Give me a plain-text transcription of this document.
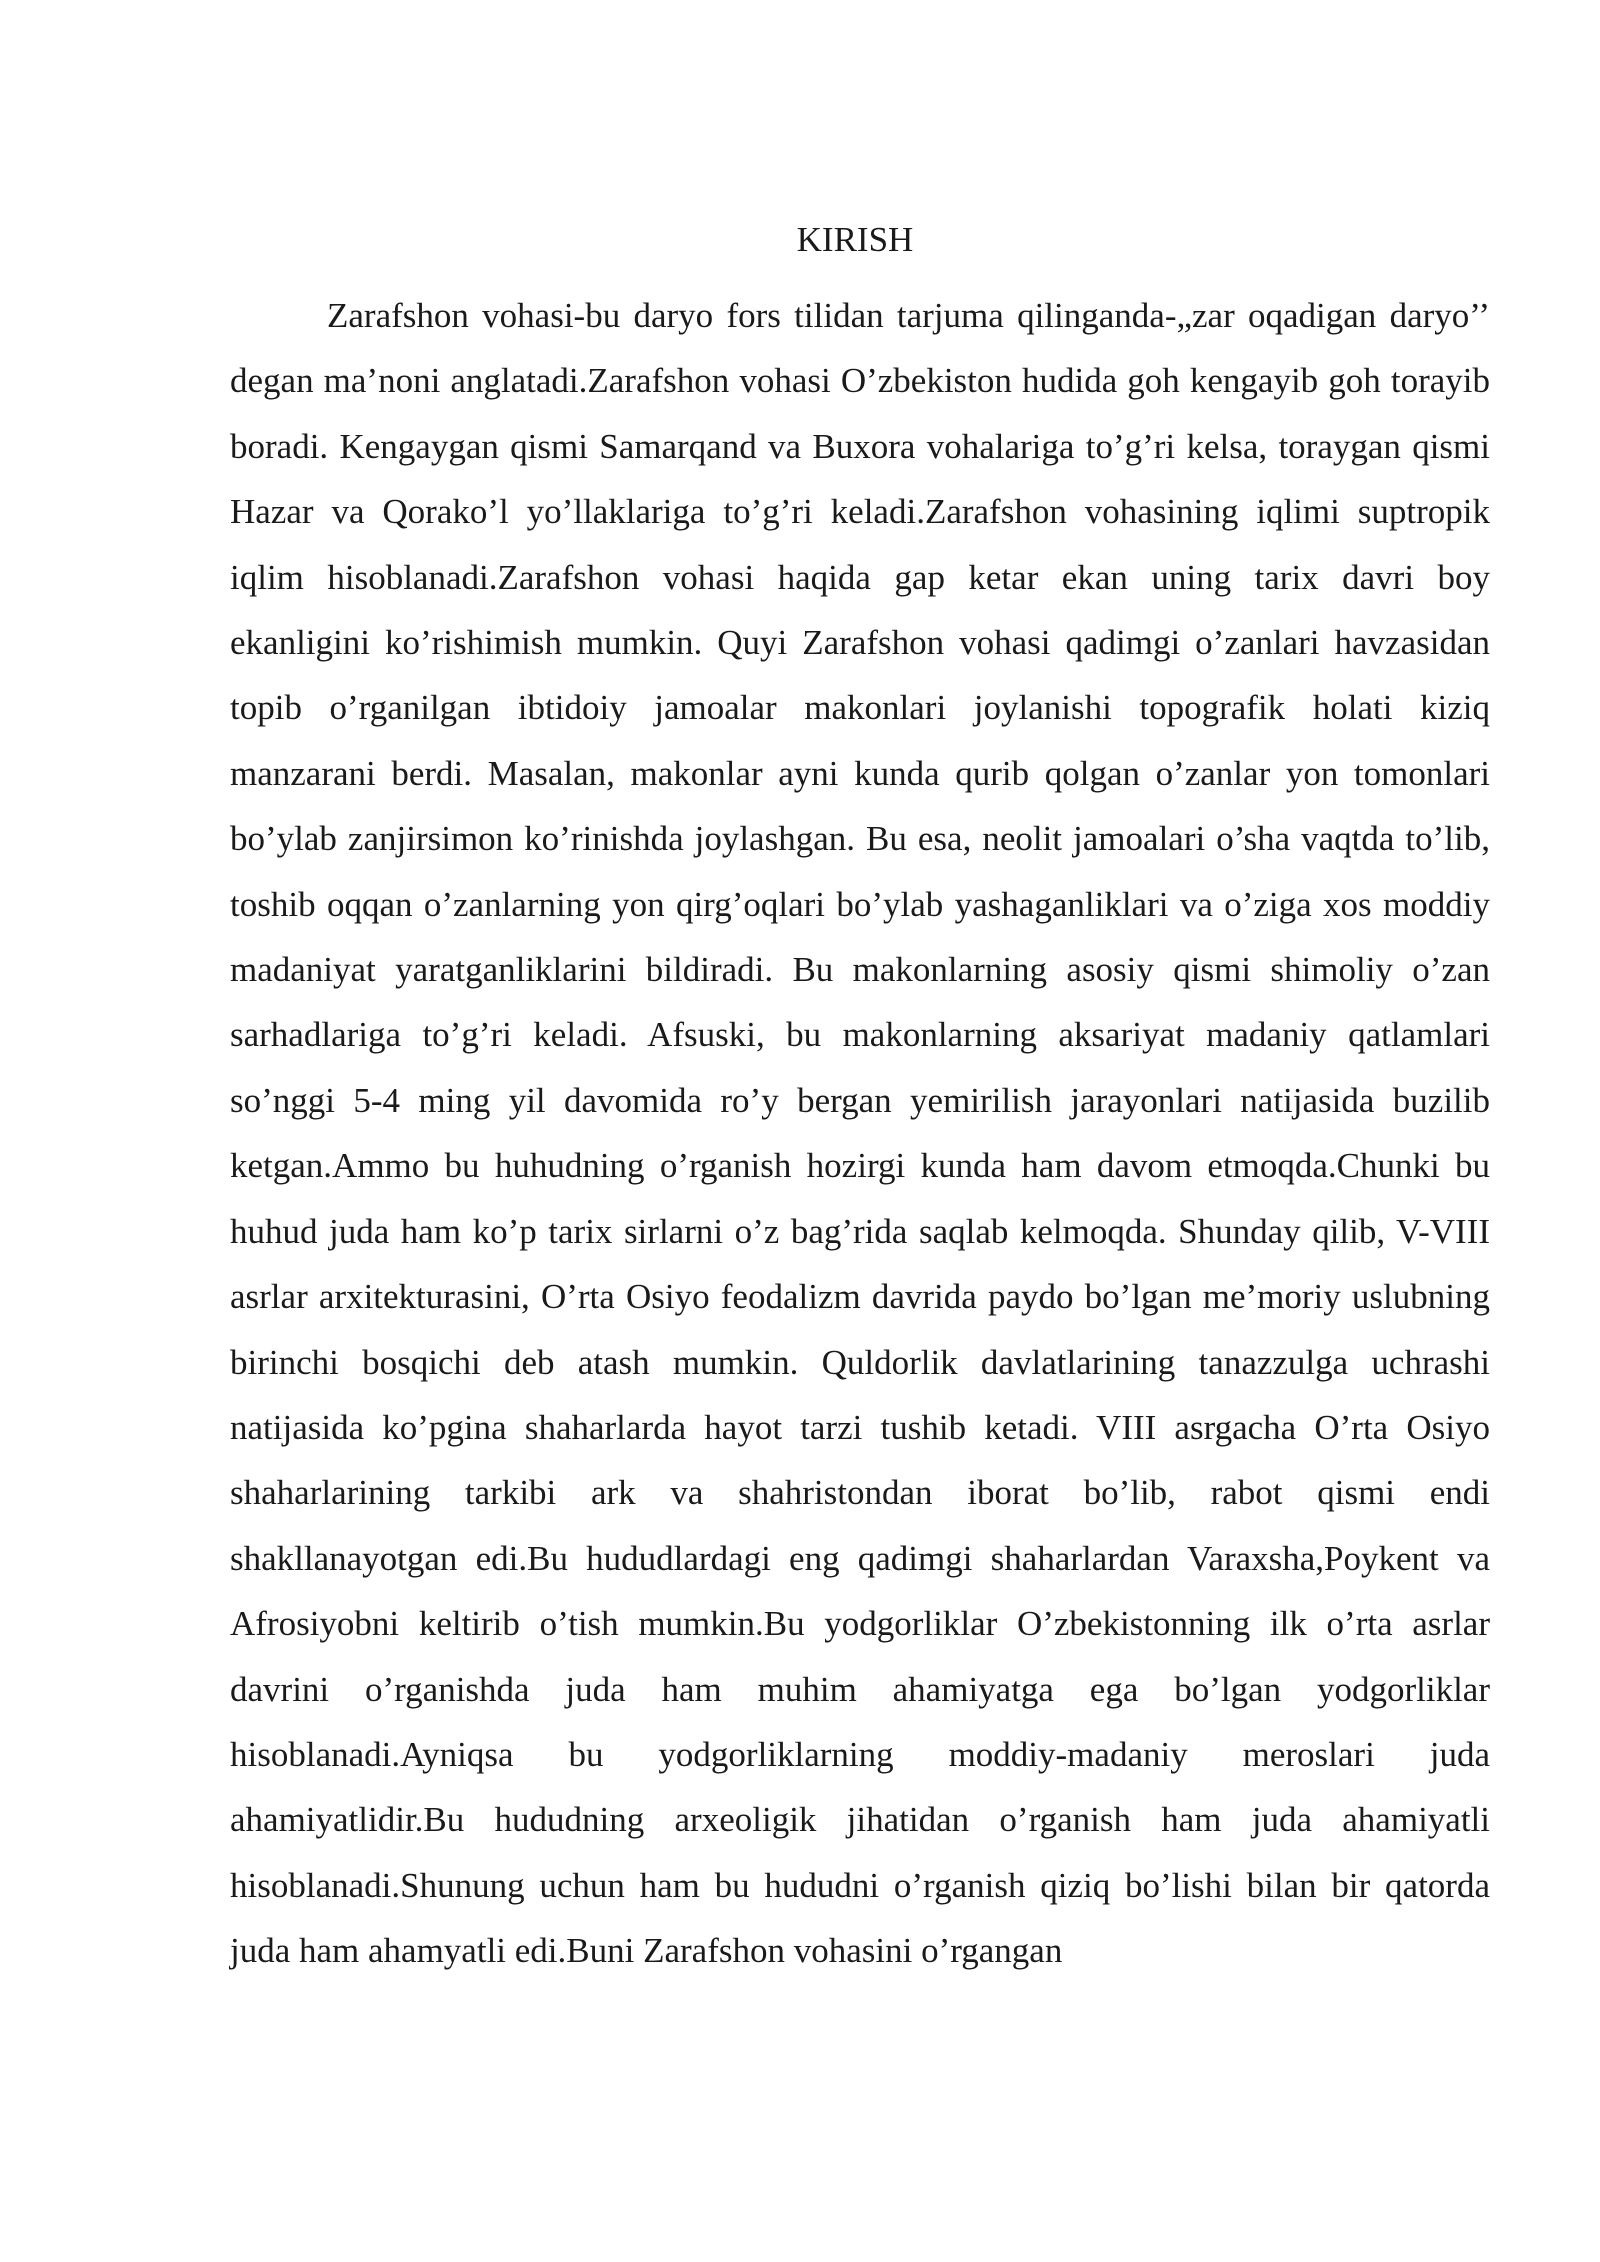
KIRISH

Zarafshon vohasi-bu daryo fors tilidan tarjuma qilinganda-„zar oqadigan daryo’’ degan ma’noni anglatadi.Zarafshon vohasi O’zbekiston hudida goh kengayib goh torayib boradi. Kengaygan qismi Samarqand va Buxora vohalariga to’g’ri kelsa, toraygan qismi Hazar va Qorako’l yo’llaklariga to’g’ri keladi.Zarafshon vohasining iqlimi suptropik iqlim hisoblanadi.Zarafshon vohasi haqida gap ketar ekan uning tarix davri boy ekanligini ko’rishimish mumkin. Quyi Zarafshon vohasi qadimgi o’zanlari havzasidan topib o’rganilgan ibtidoiy jamoalar makonlari joylanishi topografik holati kiziq manzarani berdi. Masalan, makonlar ayni kunda qurib qolgan o’zanlar yon tomonlari bo’ylab zanjirsimon ko’rinishda joylashgan. Bu esa, neolit jamoalari o’sha vaqtda to’lib, toshib oqqan o’zanlarning yon qirg’oqlari bo’ylab yashaganliklari va o’ziga xos moddiy madaniyat yaratganliklarini bildiradi. Bu makonlarning asosiy qismi shimoliy o’zan sarhadlariga to’g’ri keladi. Afsuski, bu makonlarning aksariyat madaniy qatlamlari so’nggi 5-4 ming yil davomida ro’y bergan yemirilish jarayonlari natijasida buzilib ketgan.Ammo bu huhudning o’rganish hozirgi kunda ham davom etmoqda.Chunki bu huhud juda ham ko’p tarix sirlarni o’z bag’rida saqlab kelmoqda. Shunday qilib, V-VIII asrlar arxitekturasini, O’rta Osiyo feodalizm davrida paydo bo’lgan me’moriy uslubning birinchi bosqichi deb atash mumkin. Quldorlik davlatlarining tanazzulga uchrashi natijasida ko’pgina shaharlarda hayot tarzi tushib ketadi. VIII asrgacha O’rta Osiyo shaharlarining tarkibi ark va shahristondan iborat bo’lib, rabot qismi endi shakllanayotgan edi.Bu hududlardagi eng qadimgi shaharlardan Varaxsha,Poykent va Afrosiyobni keltirib o’tish mumkin.Bu yodgorliklar O’zbekistonning ilk o’rta asrlar davrini o’rganishda juda ham muhim ahamiyatga ega bo’lgan yodgorliklar hisoblanadi.Ayniqsa bu yodgorliklarning moddiy-madaniy meroslari juda ahamiyatlidir.Bu hududning arxeoligik jihatidan o’rganish ham juda ahamiyatli hisoblanadi.Shunung uchun ham bu hududni o’rganish qiziq bo’lishi bilan bir qatorda juda ham ahamyatli edi.Buni Zarafshon vohasini o’rgangan
